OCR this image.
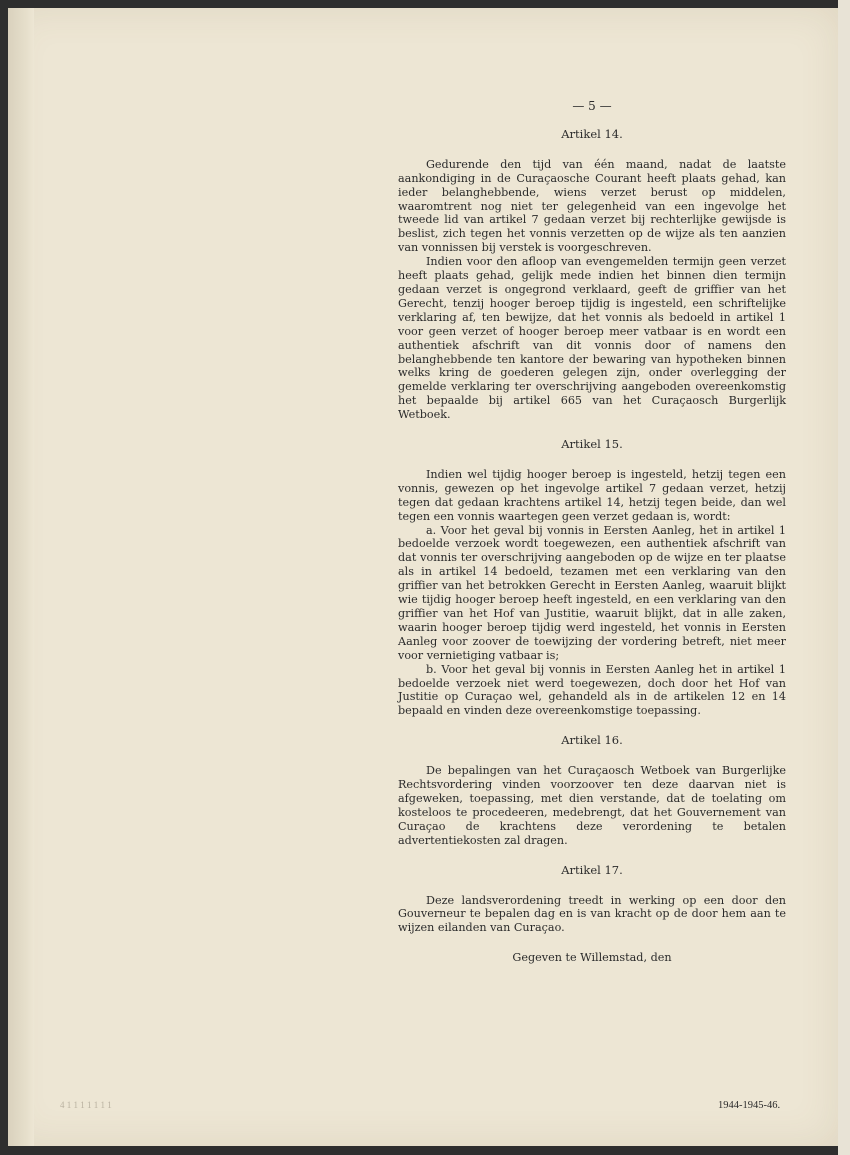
— 5 —
Artikel 14.

Gedurende den tijd van één maand, nadat de laatste aankondiging in de Curaçaosche Courant heeft plaats gehad, kan ieder belanghebbende, wiens verzet berust op middelen, waaromtrent nog niet ter gelegenheid van een ingevolge het tweede lid van artikel 7 gedaan verzet bij rechterlijke gewijsde is beslist, zich tegen het vonnis verzetten op de wijze als ten aanzien van vonnissen bij verstek is voorgeschreven.

Indien voor den afloop van evengemelden termijn geen verzet heeft plaats gehad, gelijk mede indien het binnen dien termijn gedaan verzet is ongegrond verklaard, geeft de griffier van het Gerecht, tenzij hooger beroep tijdig is ingesteld, een schriftelijke verklaring af, ten bewijze, dat het vonnis als bedoeld in artikel 1 voor geen verzet of hooger beroep meer vatbaar is en wordt een authentiek afschrift van dit vonnis door of namens den belanghebbende ten kantore der bewaring van hypotheken binnen welks kring de goederen gelegen zijn, onder overlegging der gemelde verklaring ter overschrijving aangeboden overeenkomstig het bepaalde bij artikel 665 van het Curaçaosch Burgerlijk Wetboek.

Artikel 15.

Indien wel tijdig hooger beroep is ingesteld, hetzij tegen een vonnis, gewezen op het ingevolge artikel 7 gedaan verzet, hetzij tegen dat gedaan krachtens artikel 14, hetzij tegen beide, dan wel tegen een vonnis waartegen geen verzet gedaan is, wordt:

a. Voor het geval bij vonnis in Eersten Aanleg, het in artikel 1 bedoelde verzoek wordt toegewezen, een authentiek afschrift van dat vonnis ter overschrijving aangeboden op de wijze en ter plaatse als in artikel 14 bedoeld, tezamen met een verklaring van den griffier van het betrokken Gerecht in Eersten Aanleg, waaruit blijkt wie tijdig hooger beroep heeft ingesteld, en een verklaring van den griffier van het Hof van Justitie, waaruit blijkt, dat in alle zaken, waarin hooger beroep tijdig werd ingesteld, het vonnis in Eersten Aanleg voor zoover de toewijzing der vordering betreft, niet meer voor vernietiging vatbaar is;

b. Voor het geval bij vonnis in Eersten Aanleg het in artikel 1 bedoelde verzoek niet werd toegewezen, doch door het Hof van Justitie op Curaçao wel, gehandeld als in de artikelen 12 en 14 bepaald en vinden deze overeenkomstige toepassing.

Artikel 16.

De bepalingen van het Curaçaosch Wetboek van Burgerlijke Rechtsvordering vinden voorzoover ten deze daarvan niet is afgeweken, toepassing, met dien verstande, dat de toelating om kosteloos te procedeeren, medebrengt, dat het Gouvernement van Curaçao de krachtens deze verordening te betalen advertentiekosten zal dragen.

Artikel 17.

Deze landsverordening treedt in werking op een door den Gouverneur te bepalen dag en is van kracht op de door hem aan te wijzen eilanden van Curaçao.

Gegeven te Willemstad, den
4 1 1 1 1 1 1 1	1944-1945-46.
